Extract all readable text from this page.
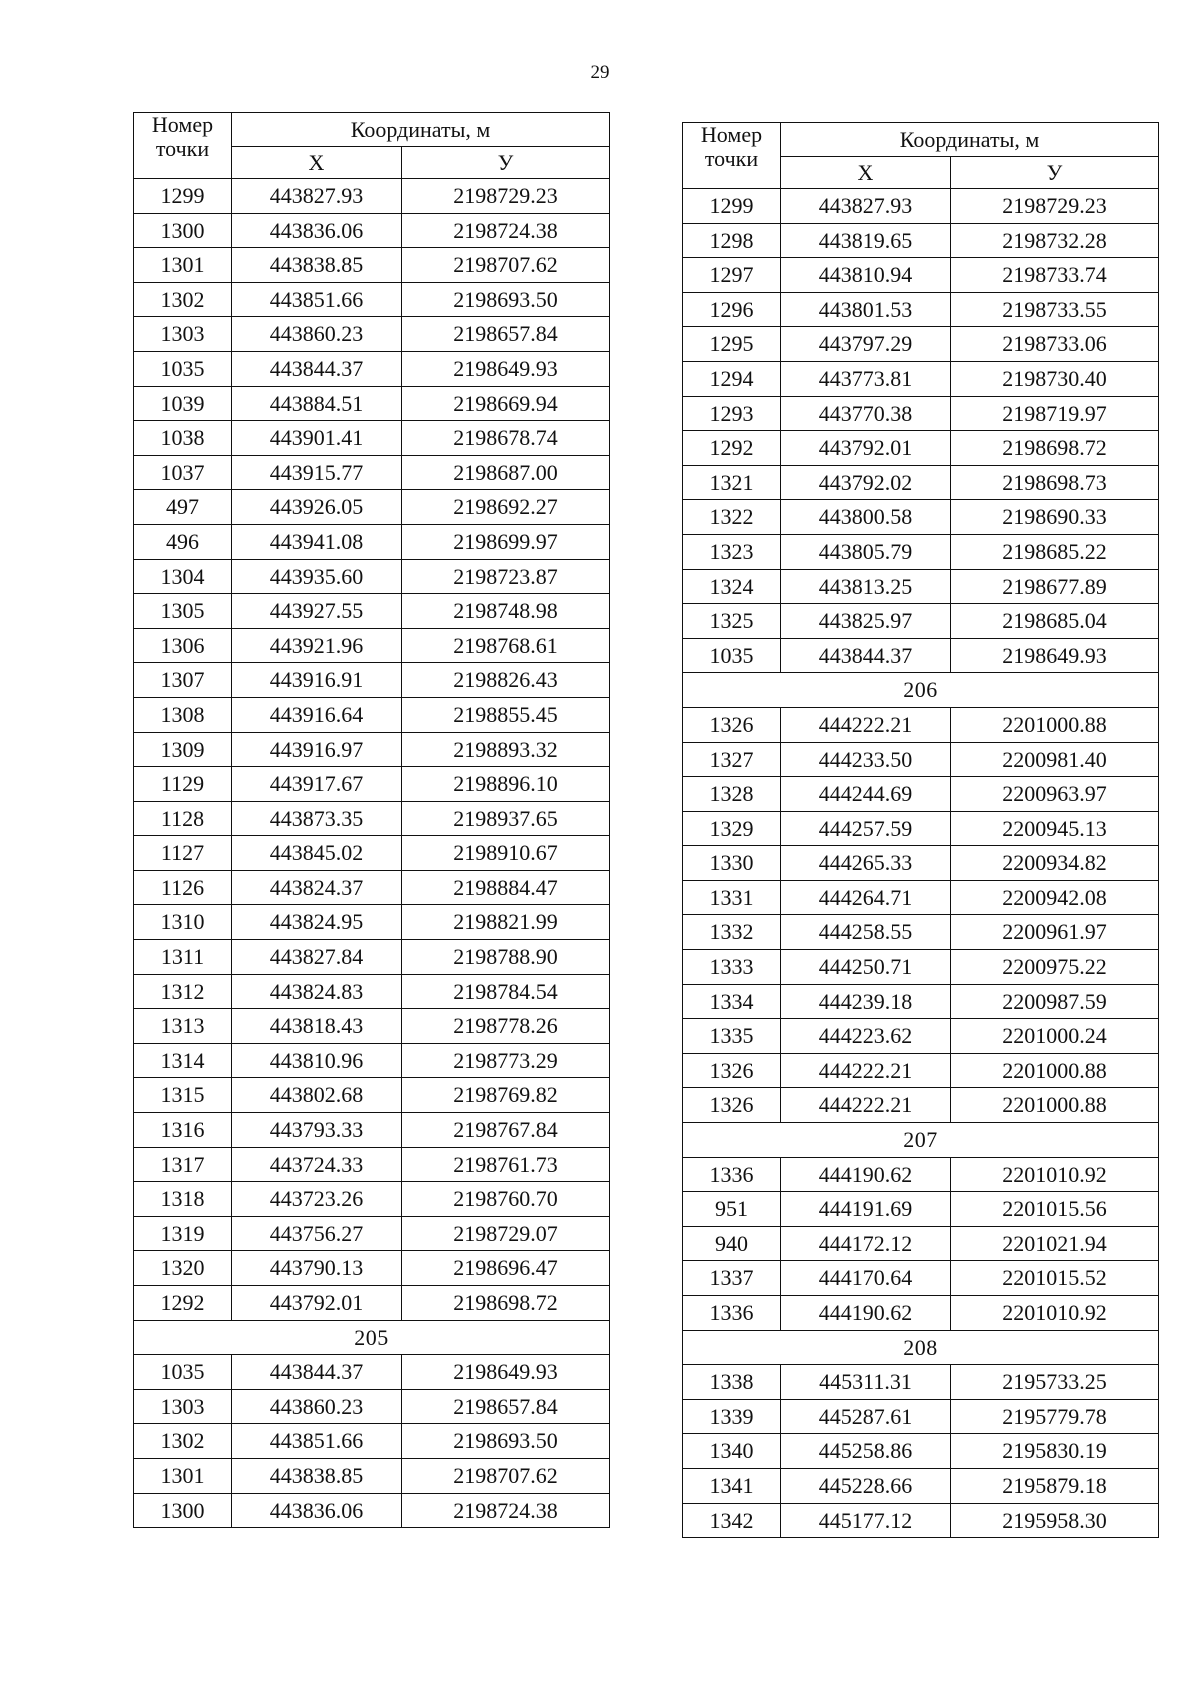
29
Номер
точки	Координаты, м	
	Х	У
1299	443827.93	2198729.23
1300	443836.06	2198724.38
1301	443838.85	2198707.62
1302	443851.66	2198693.50
1303	443860.23	2198657.84
1035	443844.37	2198649.93
1039	443884.51	2198669.94
1038	443901.41	2198678.74
1037	443915.77	2198687.00
497	443926.05	2198692.27
496	443941.08	2198699.97
1304	443935.60	2198723.87
1305	443927.55	2198748.98
1306	443921.96	2198768.61
1307	443916.91	2198826.43
1308	443916.64	2198855.45
1309	443916.97	2198893.32
1129	443917.67	2198896.10
1128	443873.35	2198937.65
1127	443845.02	2198910.67
1126	443824.37	2198884.47
1310	443824.95	2198821.99
1311	443827.84	2198788.90
1312	443824.83	2198784.54
1313	443818.43	2198778.26
1314	443810.96	2198773.29
1315	443802.68	2198769.82
1316	443793.33	2198767.84
1317	443724.33	2198761.73
1318	443723.26	2198760.70
1319	443756.27	2198729.07
1320	443790.13	2198696.47
1292	443792.01	2198698.72
205		
1035	443844.37	2198649.93
1303	443860.23	2198657.84
1302	443851.66	2198693.50
1301	443838.85	2198707.62
1300	443836.06	2198724.38
Номер
точки	Координаты, м	
	Х	У
1299	443827.93	2198729.23
1298	443819.65	2198732.28
1297	443810.94	2198733.74
1296	443801.53	2198733.55
1295	443797.29	2198733.06
1294	443773.81	2198730.40
1293	443770.38	2198719.97
1292	443792.01	2198698.72
1321	443792.02	2198698.73
1322	443800.58	2198690.33
1323	443805.79	2198685.22
1324	443813.25	2198677.89
1325	443825.97	2198685.04
1035	443844.37	2198649.93
206		
1326	444222.21	2201000.88
1327	444233.50	2200981.40
1328	444244.69	2200963.97
1329	444257.59	2200945.13
1330	444265.33	2200934.82
1331	444264.71	2200942.08
1332	444258.55	2200961.97
1333	444250.71	2200975.22
1334	444239.18	2200987.59
1335	444223.62	2201000.24
1326	444222.21	2201000.88
1326	444222.21	2201000.88
207		
1336	444190.62	2201010.92
951	444191.69	2201015.56
940	444172.12	2201021.94
1337	444170.64	2201015.52
1336	444190.62	2201010.92
208		
1338	445311.31	2195733.25
1339	445287.61	2195779.78
1340	445258.86	2195830.19
1341	445228.66	2195879.18
1342	445177.12	2195958.30
